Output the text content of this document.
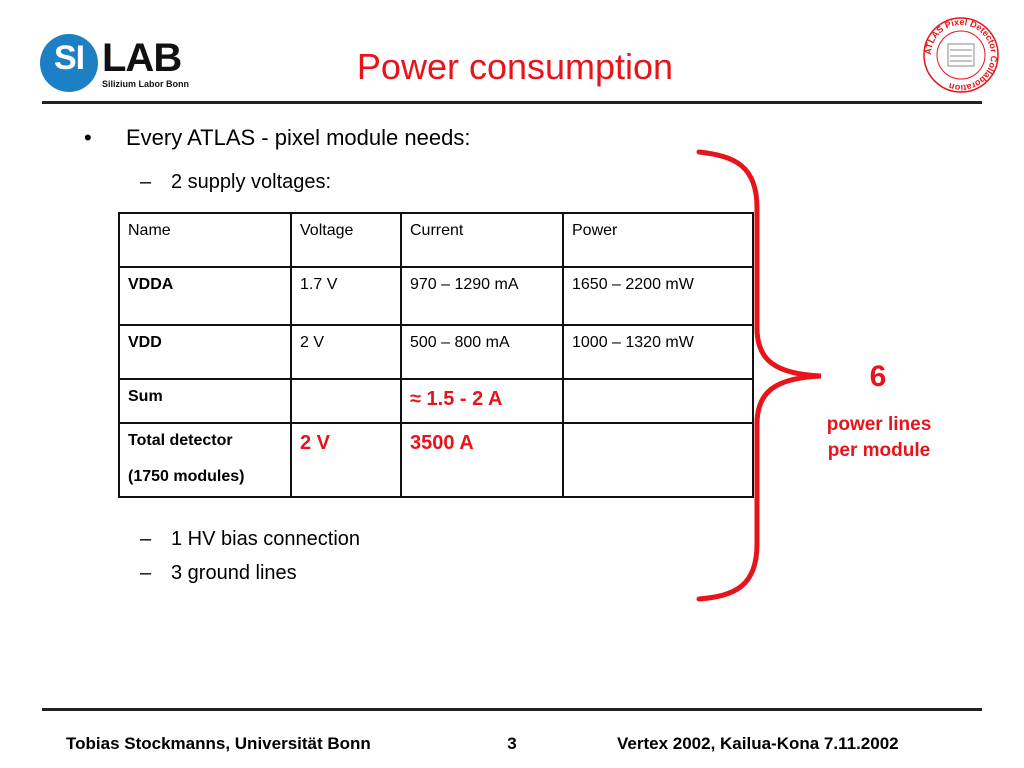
SI LAB
Silizium Labor Bonn	Power consumption	ATLAS Pixel Detector Collaboration
• Every ATLAS - pixel module needs:
– 2 supply voltages:
Name	Voltage	Current	Power
VDDA	1.7 V	970 – 1290 mA	1650 – 2200 mW
VDD	2 V	500 – 800 mA	1000 – 1320 mW
Sum		≈ 1.5 - 2 A	

Total detector
(1750 modules)	2 V	3500 A	
– 1 HV bias connection
– 3 ground lines
6
power lines
per module
Tobias Stockmanns, Universität Bonn	3	Vertex 2002, Kailua-Kona 7.11.2002
